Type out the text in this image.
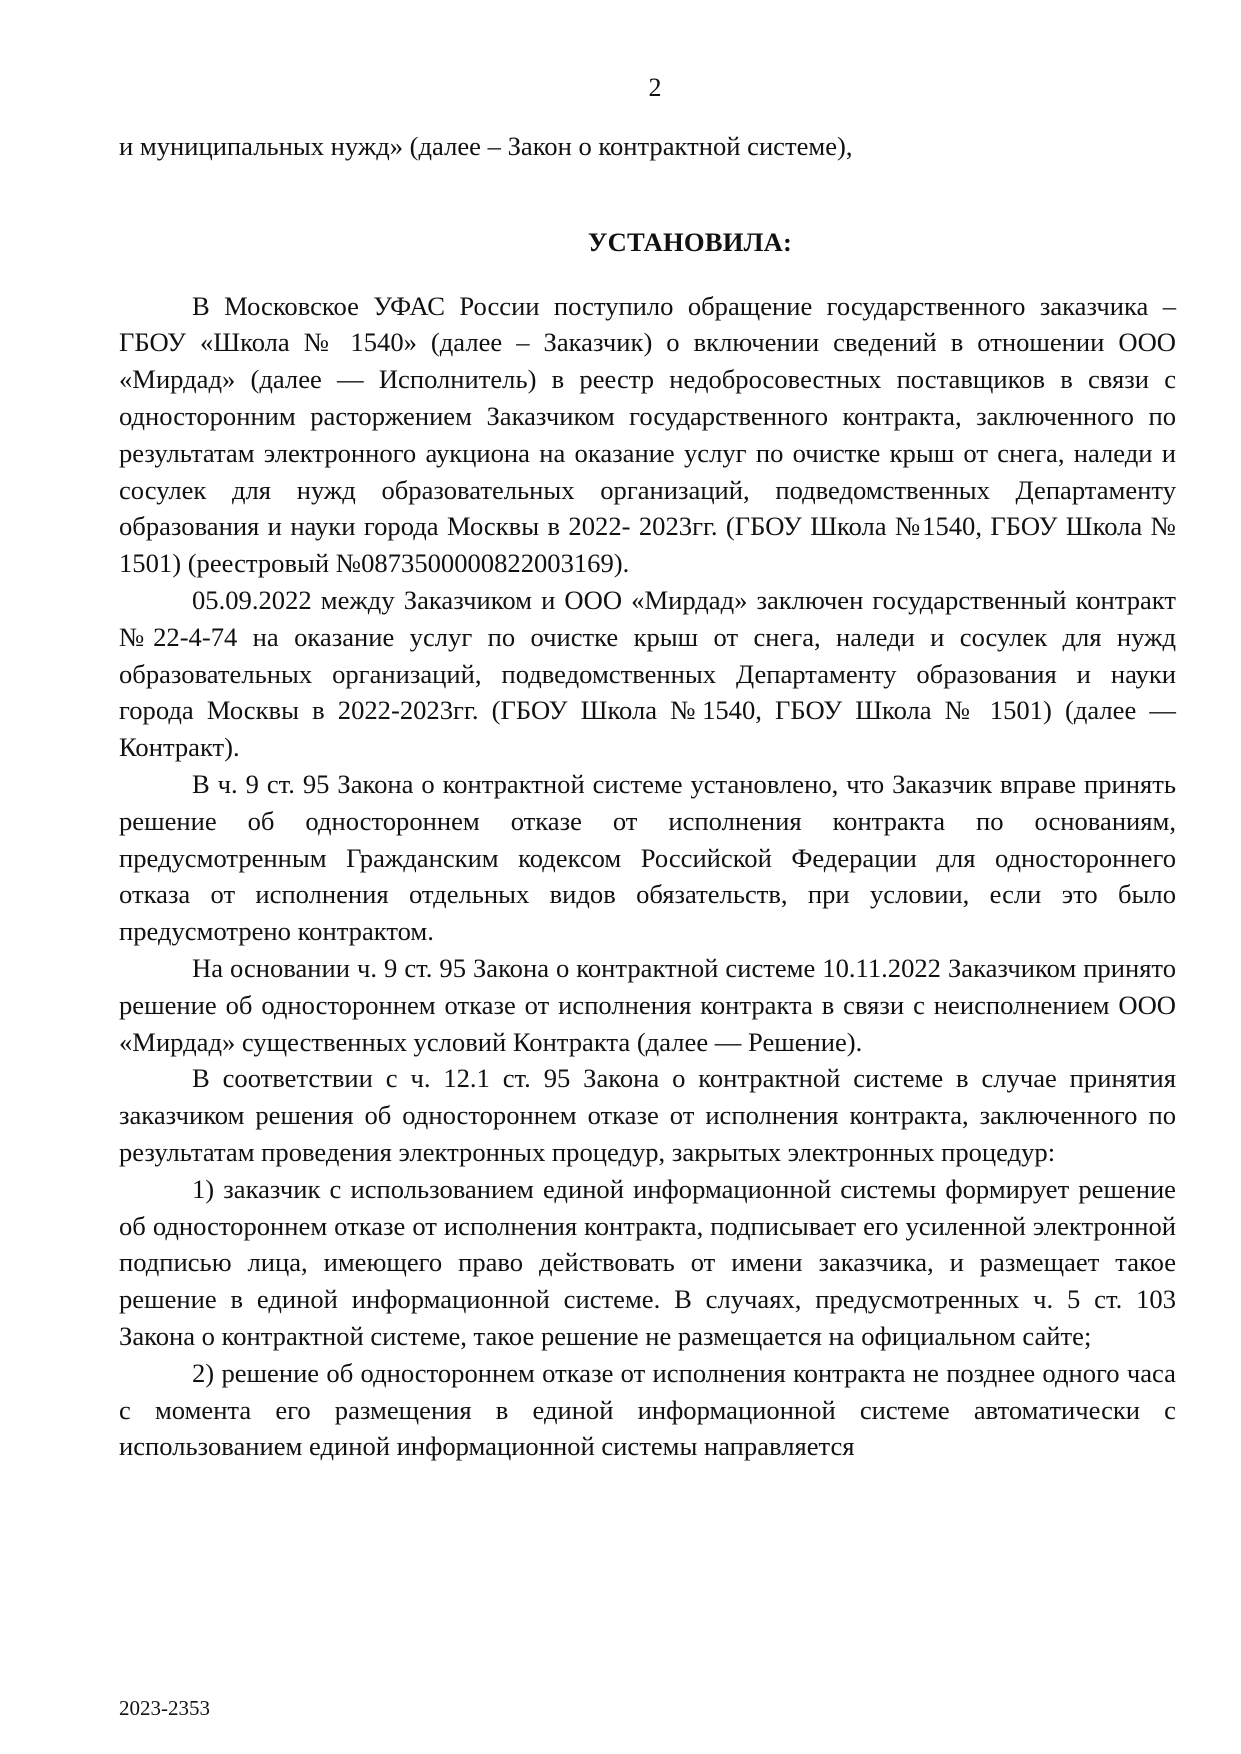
2

и муниципальных нужд» (далее – Закон о контрактной системе),

УСТАНОВИЛА:

В Московское УФАС России поступило обращение государственного заказчика – ГБОУ «Школа № 1540» (далее – Заказчик) о включении сведений в отношении ООО «Мирдад» (далее — Исполнитель) в реестр недобросовестных поставщиков в связи с односторонним расторжением Заказчиком государственного контракта, заключенного по результатам электронного аукциона на оказание услуг по очистке крыш от снега, наледи и сосулек для нужд образовательных организаций, подведомственных Департаменту образования и науки города Москвы в 2022- 2023гг. (ГБОУ Школа №1540, ГБОУ Школа № 1501) (реестровый №0873500000822003169).

05.09.2022 между Заказчиком и ООО «Мирдад» заключен государственный контракт №22-4-74 на оказание услуг по очистке крыш от снега, наледи и сосулек для нужд образовательных организаций, подведомственных Департаменту образования и науки города Москвы в 2022-2023гг. (ГБОУ Школа №1540, ГБОУ Школа № 1501) (далее — Контракт).

В ч. 9 ст. 95 Закона о контрактной системе установлено, что Заказчик вправе принять решение об одностороннем отказе от исполнения контракта по основаниям, предусмотренным Гражданским кодексом Российской Федерации для одностороннего отказа от исполнения отдельных видов обязательств, при условии, если это было предусмотрено контрактом.

На основании ч. 9 ст. 95 Закона о контрактной системе 10.11.2022 Заказчиком принято решение об одностороннем отказе от исполнения контракта в связи с неисполнением ООО «Мирдад» существенных условий Контракта (далее — Решение).

В соответствии с ч. 12.1 ст. 95 Закона о контрактной системе в случае принятия заказчиком решения об одностороннем отказе от исполнения контракта, заключенного по результатам проведения электронных процедур, закрытых электронных процедур:

1) заказчик с использованием единой информационной системы формирует решение об одностороннем отказе от исполнения контракта, подписывает его усиленной электронной подписью лица, имеющего право действовать от имени заказчика, и размещает такое решение в единой информационной системе. В случаях, предусмотренных ч. 5 ст. 103 Закона о контрактной системе, такое решение не размещается на официальном сайте;

2) решение об одностороннем отказе от исполнения контракта не позднее одного часа с момента его размещения в единой информационной системе автоматически с использованием единой информационной системы направляется

2023-2353
